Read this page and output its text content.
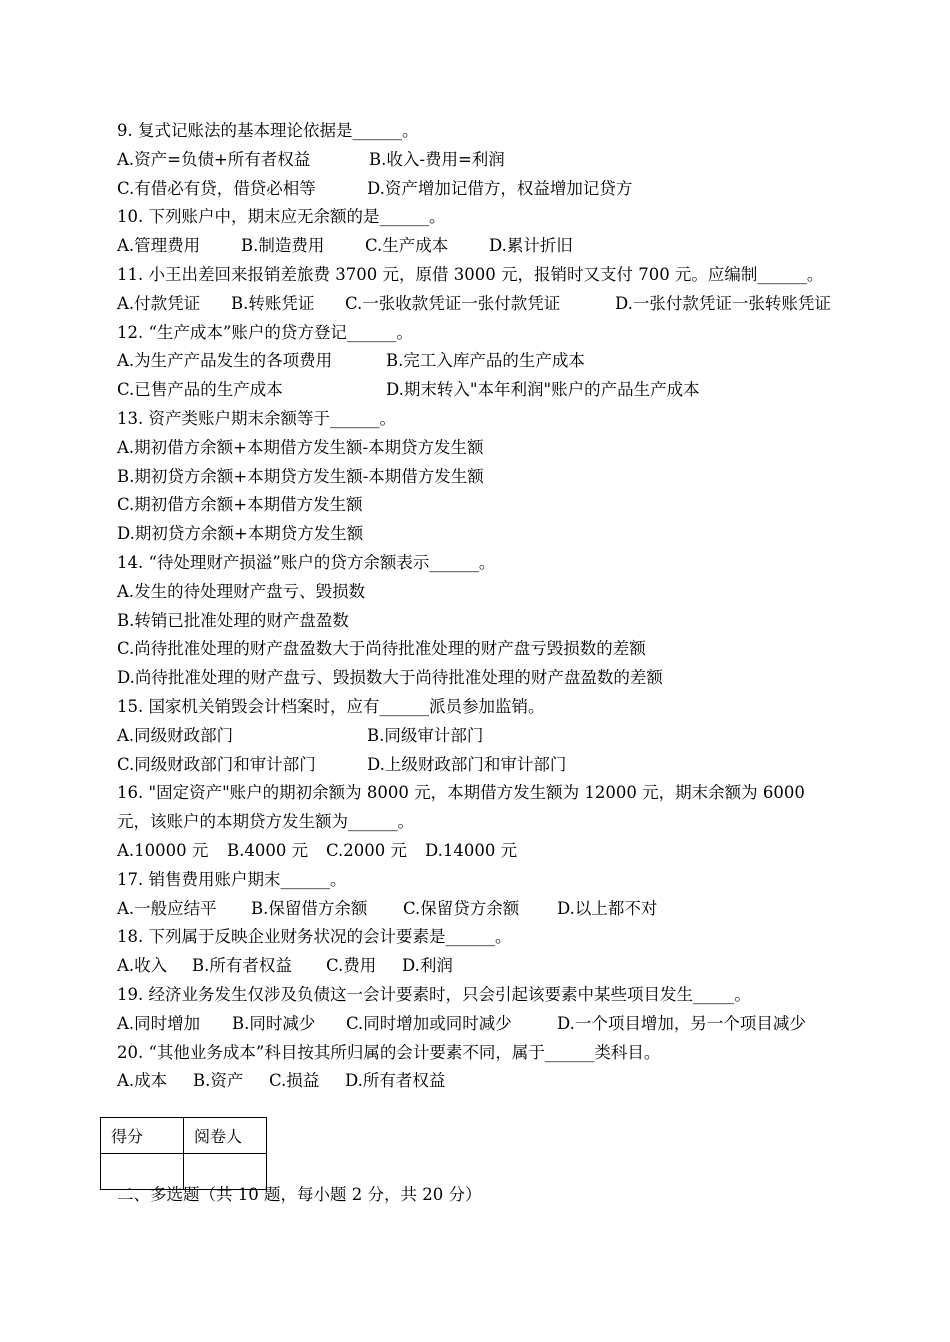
9. 复式记账法的基本理论依据是______。
A.资产=负债+所有者权益	B.收入-费用=利润
C.有借必有贷，借贷必相等	D.资产增加记借方，权益增加记贷方
10. 下列账户中，期末应无余额的是______。
A.管理费用 B.制造费用 C.生产成本 D.累计折旧
11. 小王出差回来报销差旅费 3700 元，原借 3000 元，报销时又支付 700 元。应编制______。
A.付款凭证 B.转账凭证 C.一张收款凭证一张付款凭证	D.一张付款凭证一张转账凭证
12. “生产成本”账户的贷方登记______。
A.为生产产品发生的各项费用	B.完工入库产品的生产成本
C.已售产品的生产成本	D.期末转入"本年利润"账户的产品生产成本
13. 资产类账户期末余额等于______。
A.期初借方余额+本期借方发生额-本期贷方发生额
B.期初贷方余额+本期贷方发生额-本期借方发生额
C.期初借方余额+本期借方发生额
D.期初贷方余额+本期贷方发生额
14. “待处理财产损溢”账户的贷方余额表示______。
A.发生的待处理财产盘亏、毁损数
B.转销已批准处理的财产盘盈数
C.尚待批准处理的财产盘盈数大于尚待批准处理的财产盘亏毁损数的差额
D.尚待批准处理的财产盘亏、毁损数大于尚待批准处理的财产盘盈数的差额
15. 国家机关销毁会计档案时，应有______派员参加监销。
A.同级财政部门	B.同级审计部门
C.同级财政部门和审计部门	D.上级财政部门和审计部门
16. "固定资产"账户的期初余额为 8000 元，本期借方发生额为 12000 元，期末余额为 6000
元，该账户的本期贷方发生额为______。
A.10000 元 B.4000 元 C.2000 元 D.14000 元
17. 销售费用账户期末______。
A.一般应结平 B.保留借方余额 C.保留贷方余额 D.以上都不对
18. 下列属于反映企业财务状况的会计要素是______。
A.收入 B.所有者权益 C.费用 D.利润
19. 经济业务发生仅涉及负债这一会计要素时，只会引起该要素中某些项目发生_____。
A.同时增加 B.同时减少 C.同时增加或同时减少	D.一个项目增加，另一个项目减少
20. “其他业务成本”科目按其所归属的会计要素不同，属于______类科目。
A.成本 B.资产 C.损益 D.所有者权益
二、多选题（共 10 题，每小题 2 分，共 20 分）
得分	阅卷人
